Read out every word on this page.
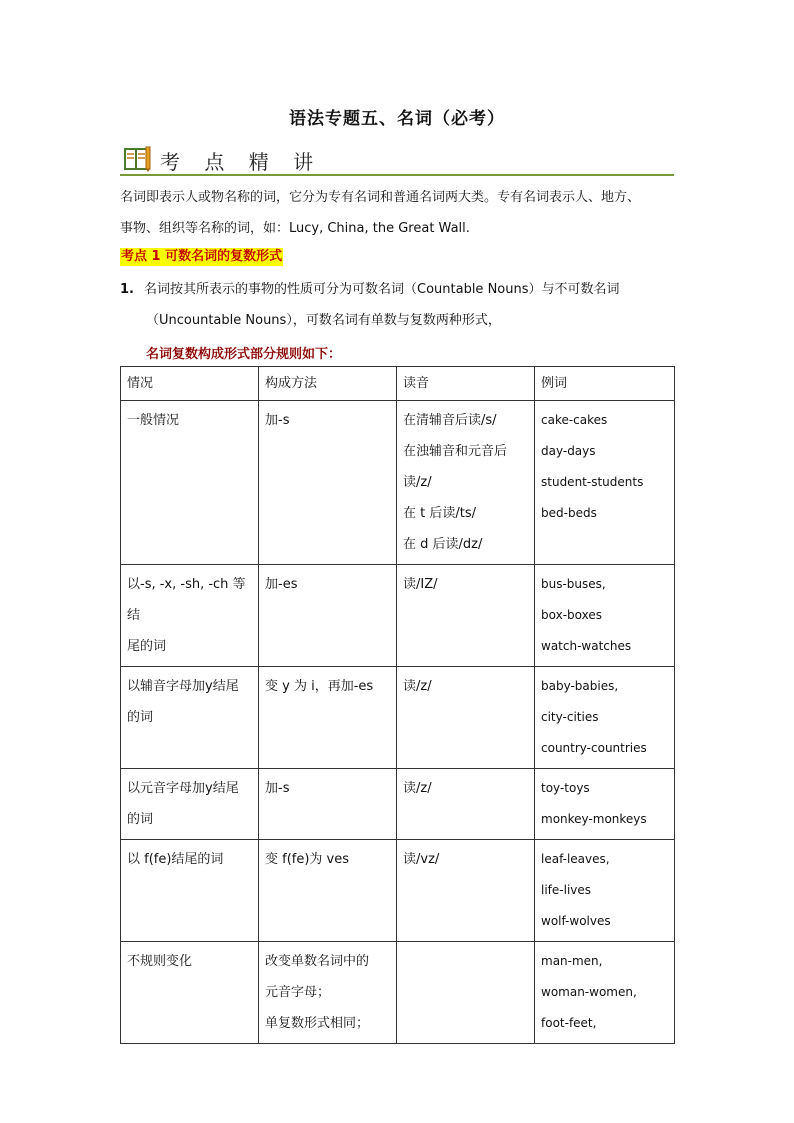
语法专题五、名词（必考）
考 点 精 讲
名词即表示人或物名称的词，它分为专有名词和普通名词两大类。专有名词表示人、地方、
事物、组织等名称的词，如：Lucy, China, the Great Wall.
考点 1 可数名词的复数形式
1. 名词按其所表示的事物的性质可分为可数名词（Countable Nouns）与不可数名词
（Uncountable Nouns），可数名词有单数与复数两种形式，
名词复数构成形式部分规则如下：
情况	构成方法	读音	例词

一般情况	加-s	在清辅音后读/s/
在浊辅音和元音后
读/z/
在 t 后读/ts/
在 d 后读/dz/	cake-cakes
day-days
student-students
bed-beds

以-s, -x, -sh, -ch 等结
尾的词	加-es	读/IZ/	bus-buses,
box-boxes
watch-watches

以辅音字母加y结尾
的词	变 y 为 i，再加-es	读/z/	baby-babies,
city-cities
country-countries

以元音字母加y结尾
的词	加-s	读/z/	toy-toys
monkey-monkeys

以 f(fe)结尾的词	变 f(fe)为 ves	读/vz/	leaf-leaves,
life-lives
wolf-wolves

不规则变化	改变单数名词中的
元音字母；
单复数形式相同；		man-men,
woman-women,
foot-feet,
